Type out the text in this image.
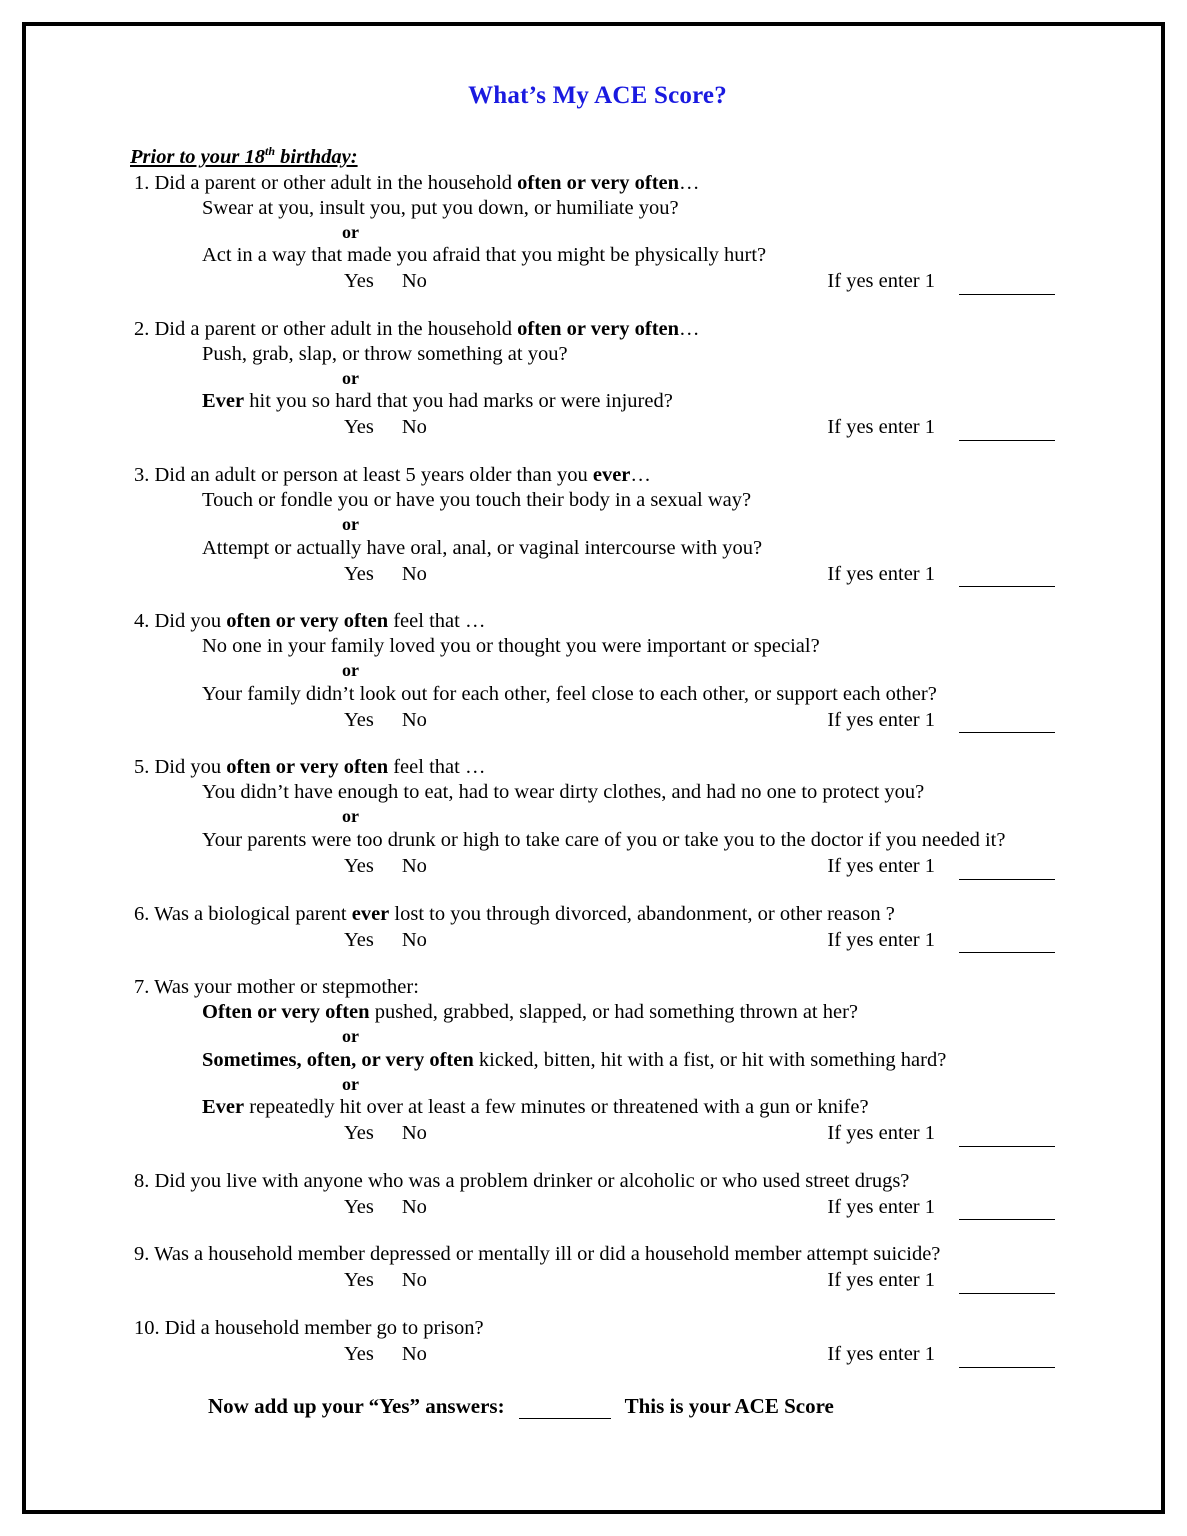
What’s My ACE Score?
Prior to your 18th birthday:
1. Did a parent or other adult in the household often or very often…
Swear at you, insult you, put you down, or humiliate you?
or
Act in a way that made you afraid that you might be physically hurt?
Yes	No	If yes enter 1
2. Did a parent or other adult in the household often or very often…
Push, grab, slap, or throw something at you?
or
Ever hit you so hard that you had marks or were injured?
Yes	No	If yes enter 1
3. Did an adult or person at least 5 years older than you ever…
Touch or fondle you or have you touch their body in a sexual way?
or
Attempt or actually have oral, anal, or vaginal intercourse with you?
Yes	No	If yes enter 1
4. Did you often or very often feel that …
No one in your family loved you or thought you were important or special?
or
Your family didn’t look out for each other, feel close to each other, or support each other?
Yes	No	If yes enter 1
5. Did you often or very often feel that …
You didn’t have enough to eat, had to wear dirty clothes, and had no one to protect you?
or
Your parents were too drunk or high to take care of you or take you to the doctor if you needed it?
Yes	No	If yes enter 1
6. Was a biological parent ever lost to you through divorced, abandonment, or other reason ?
Yes	No	If yes enter 1
7. Was your mother or stepmother:
Often or very often pushed, grabbed, slapped, or had something thrown at her?
or
Sometimes, often, or very often kicked, bitten, hit with a fist, or hit with something hard?
or
Ever repeatedly hit over at least a few minutes or threatened with a gun or knife?
Yes	No	If yes enter 1
8. Did you live with anyone who was a problem drinker or alcoholic or who used street drugs?
Yes	No	If yes enter 1
9. Was a household member depressed or mentally ill or did a household member attempt suicide?
Yes	No	If yes enter 1
10. Did a household member go to prison?
Yes	No	If yes enter 1
Now add up your “Yes” answers:	This is your ACE Score
